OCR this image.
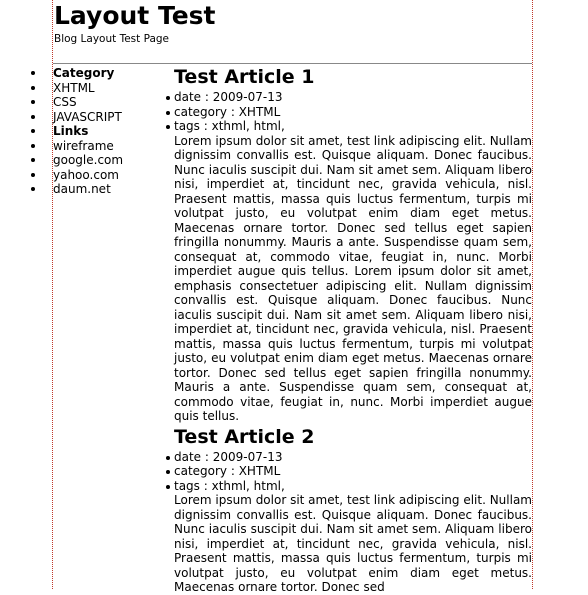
Layout Test
Blog Layout Test Page
Category
XHTML
CSS
JAVASCRIPT
Links
wireframe
google.com
yahoo.com
daum.net
Test Article 1
date : 2009-07-13
category : XHTML
tags : xthml, html,

Lorem ipsum dolor sit amet, test link adipiscing elit. Nullam dignissim convallis est. Quisque aliquam. Donec faucibus. Nunc iaculis suscipit dui. Nam sit amet sem. Aliquam libero nisi, imperdiet at, tincidunt nec, gravida vehicula, nisl. Praesent mattis, massa quis luctus fermentum, turpis mi volutpat justo, eu volutpat enim diam eget metus. Maecenas ornare tortor. Donec sed tellus eget sapien fringilla nonummy. Mauris a ante. Suspendisse quam sem, consequat at, commodo vitae, feugiat in, nunc. Morbi imperdiet augue quis tellus. Lorem ipsum dolor sit amet, emphasis consectetuer adipiscing elit. Nullam dignissim convallis est. Quisque aliquam. Donec faucibus. Nunc iaculis suscipit dui. Nam sit amet sem. Aliquam libero nisi, imperdiet at, tincidunt nec, gravida vehicula, nisl. Praesent mattis, massa quis luctus fermentum, turpis mi volutpat justo, eu volutpat enim diam eget metus. Maecenas ornare tortor. Donec sed tellus eget sapien fringilla nonummy. Mauris a ante. Suspendisse quam sem, consequat at, commodo vitae, feugiat in, nunc. Morbi imperdiet augue quis tellus.

Test Article 2
date : 2009-07-13
category : XHTML
tags : xthml, html,

Lorem ipsum dolor sit amet, test link adipiscing elit. Nullam dignissim convallis est. Quisque aliquam. Donec faucibus. Nunc iaculis suscipit dui. Nam sit amet sem. Aliquam libero nisi, imperdiet at, tincidunt nec, gravida vehicula, nisl. Praesent mattis, massa quis luctus fermentum, turpis mi volutpat justo, eu volutpat enim diam eget metus. Maecenas ornare tortor. Donec sed
